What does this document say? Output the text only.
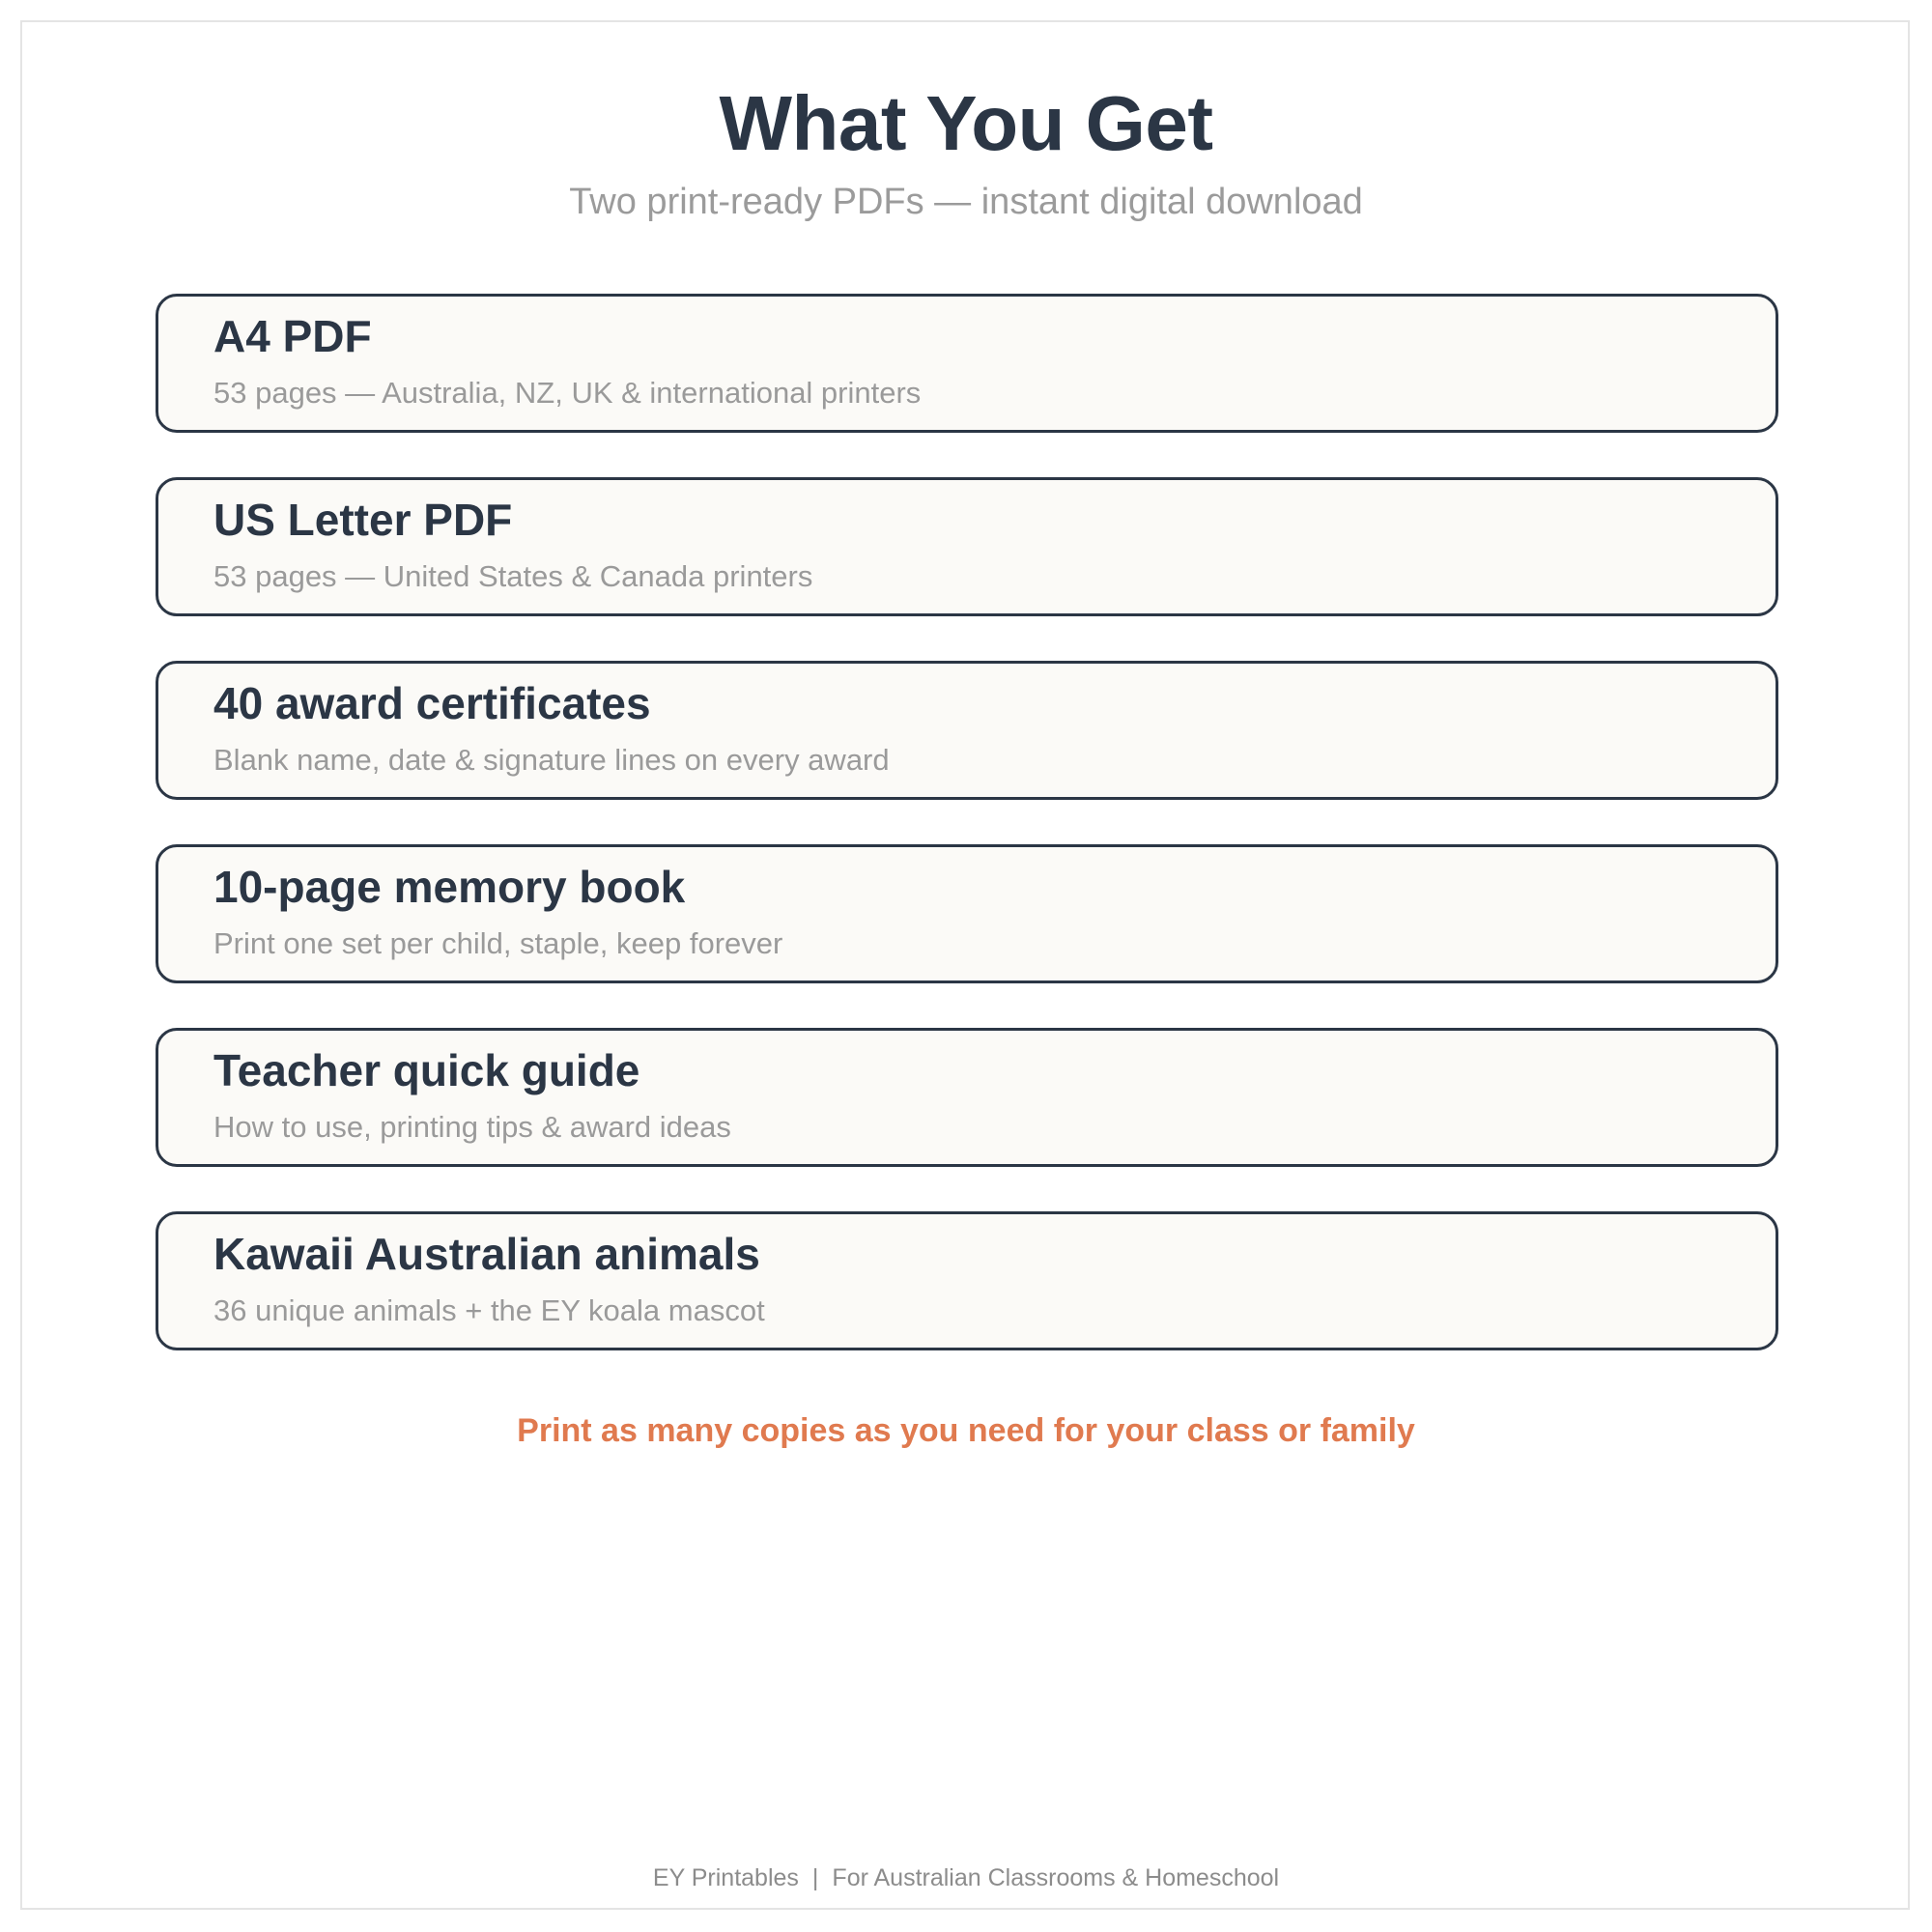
What You Get
Two print-ready PDFs — instant digital download
A4 PDF
53 pages — Australia, NZ, UK & international printers
US Letter PDF
53 pages — United States & Canada printers
40 award certificates
Blank name, date & signature lines on every award
10-page memory book
Print one set per child, staple, keep forever
Teacher quick guide
How to use, printing tips & award ideas
Kawaii Australian animals
36 unique animals + the EY koala mascot
Print as many copies as you need for your class or family
EY Printables | For Australian Classrooms & Homeschool
